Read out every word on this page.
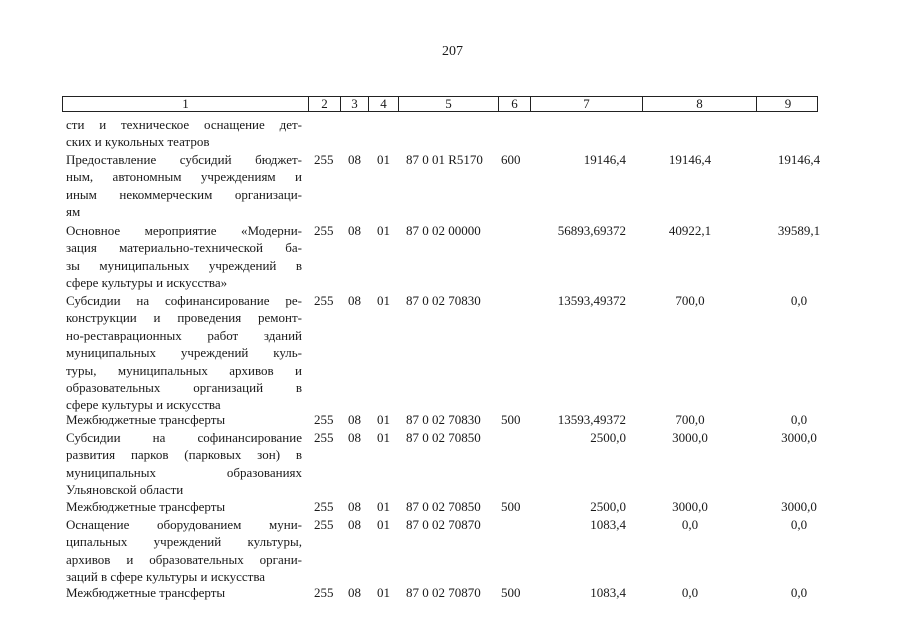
207
1	2	3	4	5	6	7	8	9
сти и техническое оснащение дет-
ских и кукольных театров
Предоставление субсидий бюджет-
ным, автономным учреждениям и
иным некоммерческим организаци-
ям
255 08 01 87 0 01 R5170 600	19146,4	19146,4	19146,4
Основное мероприятие «Модерни-
зация материально-технической ба-
зы муниципальных учреждений в
сфере культуры и искусства»
255 08 01 87 0 02 00000	56893,69372	40922,1	39589,1
Субсидии на софинансирование ре-
конструкции и проведения ремонт-
но-реставрационных работ зданий
муниципальных учреждений куль-
туры, муниципальных архивов и
образовательных организаций в
сфере культуры и искусства
255 08 01 87 0 02 70830	13593,49372	700,0	0,0
Межбюджетные трансферты	255 08 01 87 0 02 70830 500	13593,49372	700,0	0,0
Субсидии на софинансирование
развития парков (парковых зон) в
муниципальных образованиях
Ульяновской области
255 08 01 87 0 02 70850	2500,0	3000,0	3000,0
Межбюджетные трансферты	255 08 01 87 0 02 70850 500	2500,0	3000,0	3000,0
Оснащение оборудованием муни-
ципальных учреждений культуры,
архивов и образовательных органи-
заций в сфере культуры и искусства
255 08 01 87 0 02 70870	1083,4	0,0	0,0
Межбюджетные трансферты	255 08 01 87 0 02 70870 500	1083,4	0,0	0,0
